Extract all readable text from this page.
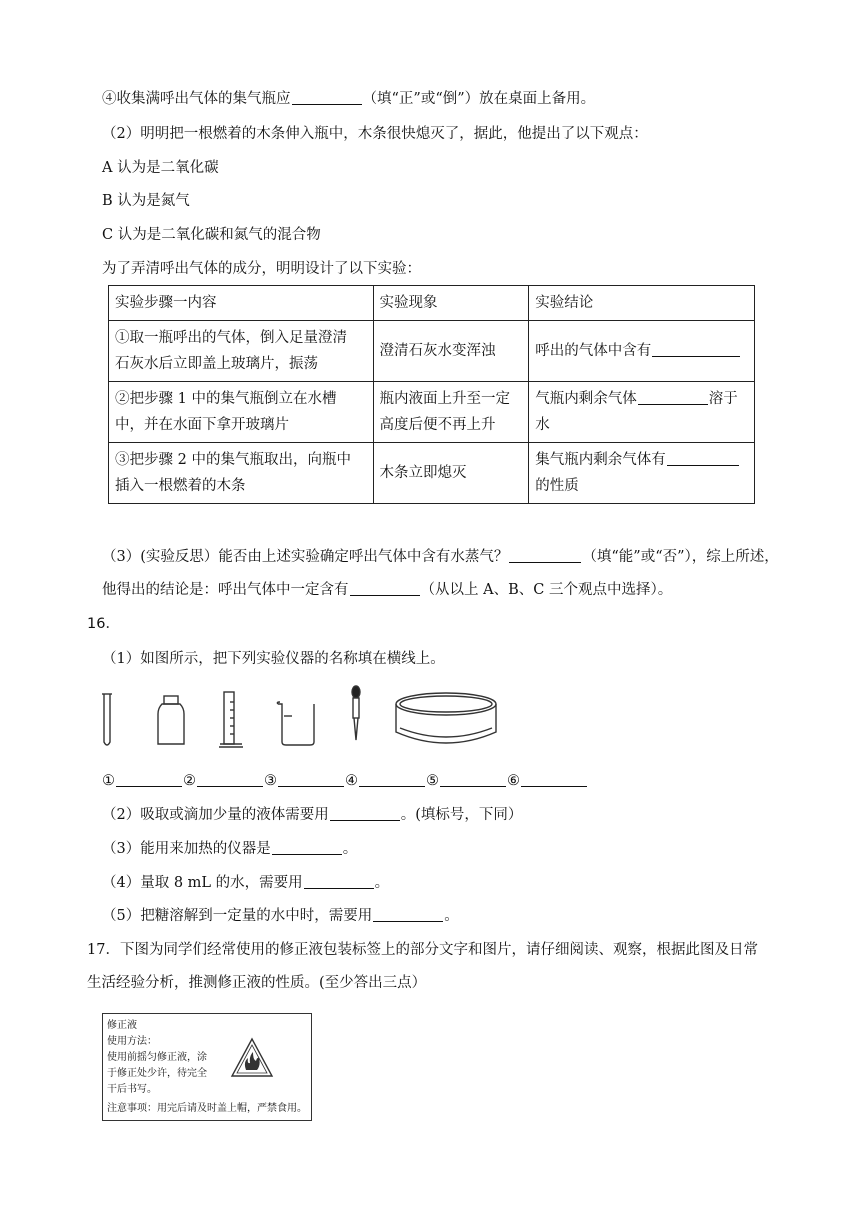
④收集满呼出气体的集气瓶应	（填“正”或“倒”）放在桌面上备用。
（2）明明把一根燃着的木条伸入瓶中，木条很快熄灭了，据此，他提出了以下观点：
A 认为是二氧化碳
B 认为是氮气
C 认为是二氧化碳和氮气的混合物
为了弄清呼出气体的成分，明明设计了以下实验：
实验步骤一内容	实验现象	实验结论
①取一瓶呼出的气体，倒入足量澄清
石灰水后立即盖上玻璃片，振荡	澄清石灰水变浑浊	呼出的气体中含有
②把步骤 1 中的集气瓶倒立在水槽
中，并在水面下拿开玻璃片	瓶内液面上升至一定
高度后便不再上升	气瓶内剩余气体 溶于
水
③把步骤 2 中的集气瓶取出，向瓶中
插入一根燃着的木条	木条立即熄灭	集气瓶内剩余气体有
的性质
（3）(实验反思）能否由上述实验确定呼出气体中含有水蒸气？	（填“能”或“否”），综上所述，
他得出的结论是：呼出气体中一定含有	（从以上 A、B、C 三个观点中选择）。
16．
（1）如图所示，把下列实验仪器的名称填在横线上。
①	②	③	④	⑤	⑥
（2）吸取或滴加少量的液体需要用	。(填标号，下同）
（3）能用来加热的仪器是	。
（4）量取 8 mL 的水，需要用	。
（5）把糖溶解到一定量的水中时，需要用	。
17．下图为同学们经常使用的修正液包装标签上的部分文字和图片，请仔细阅读、观察，根据此图及日常
生活经验分析，推测修正液的性质。(至少答出三点）
修正液
使用方法：
使用前摇匀修正液，涂
于修正处少许，待完全
干后书写。
注意事项：用完后请及时盖上帽，严禁食用。
